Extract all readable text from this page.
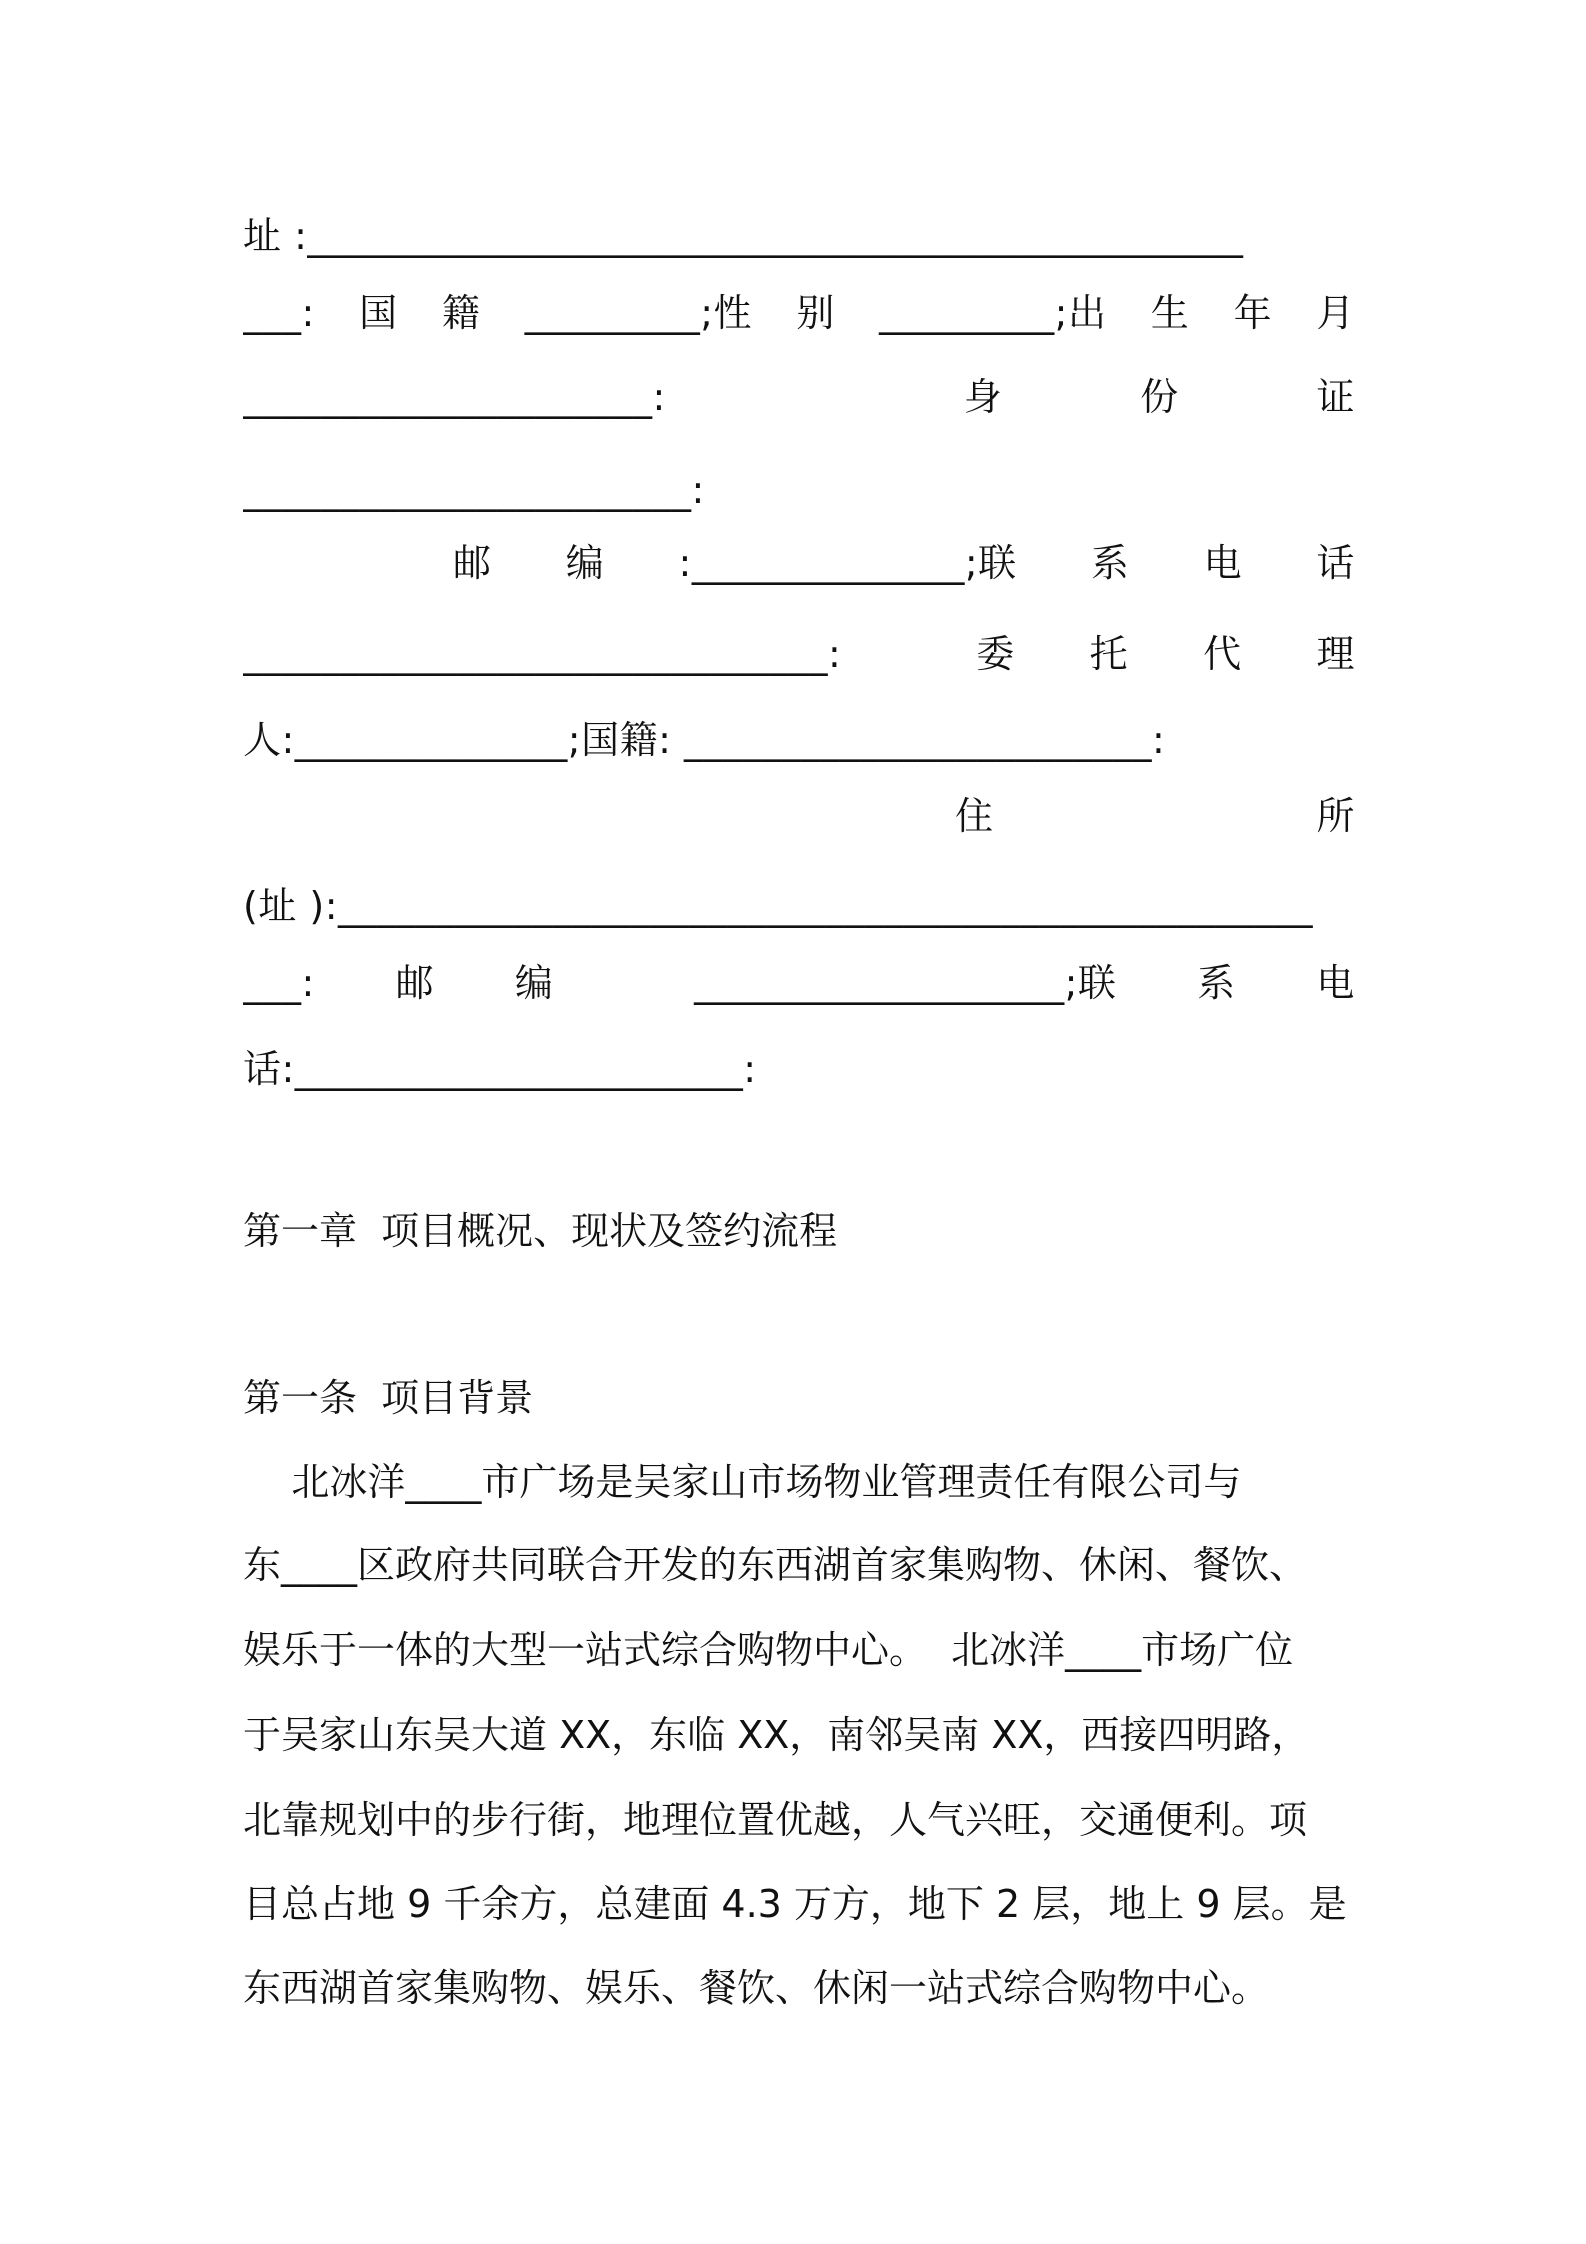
址 :________________________________________________
___: 国 籍 _________;性 别 _________;出 生 年 月
_____________________:	身	份	证
_______________________:
邮 编 :______________;联 系 电 话
______________________________:	委 托 代 理
人:______________;国籍: ________________________:
住	所
(址 ):__________________________________________________
___: 邮 编	___________________;联 系 电
话:_______________________:
第一章  项目概况、现状及签约流程
第一条  项目背景
北冰洋____市广场是吴家山市场物业管理责任有限公司与
东____区政府共同联合开发的东西湖首家集购物、休闲、餐饮、
娱乐于一体的大型一站式综合购物中心。  北冰洋____市场广位
于吴家山东吴大道 XX，东临 XX，南邻吴南 XX，西接四明路，
北靠规划中的步行街，地理位置优越，人气兴旺，交通便利。项
目总占地 9 千余方，总建面 4.3 万方，地下 2 层，地上 9 层。是
东西湖首家集购物、娱乐、餐饮、休闲一站式综合购物中心。
